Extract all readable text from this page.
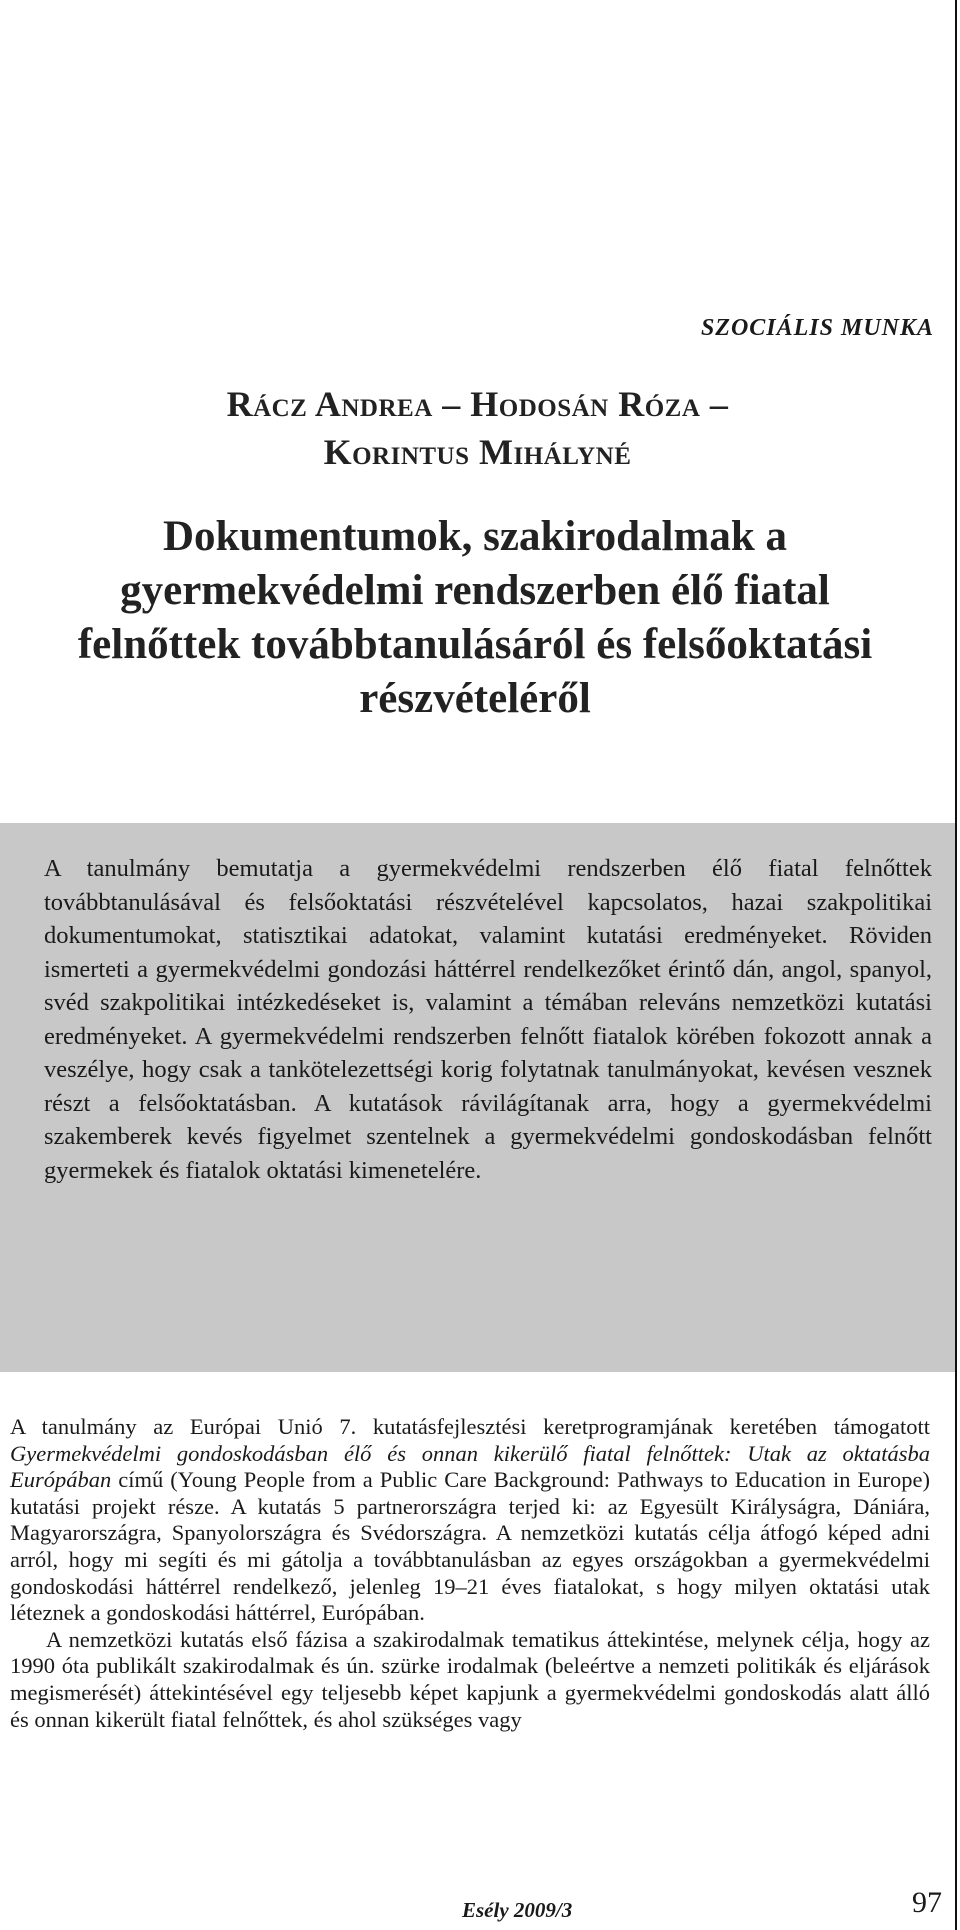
SZOCIÁLIS MUNKA
Rácz Andrea – Hodosán Róza –
Korintus Mihályné
Dokumentumok, szakirodalmak a gyermekvédelmi rendszerben élő fiatal felnőttek továbbtanulásáról és felsőoktatási részvételéről
A tanulmány bemutatja a gyermekvédelmi rendszerben élő fiatal felnőttek továbbtanulásával és felsőoktatási részvételével kapcsolatos, hazai szakpolitikai dokumentumokat, statisztikai adatokat, valamint kutatási eredményeket. Röviden ismerteti a gyermekvédelmi gondozási háttérrel rendelkezőket érintő dán, angol, spanyol, svéd szakpolitikai intézkedéseket is, valamint a témában releváns nemzetközi kutatási eredményeket. A gyermekvédelmi rendszerben felnőtt fiatalok körében fokozott annak a veszélye, hogy csak a tankötelezettségi korig folytatnak tanulmányokat, kevésen vesznek részt a felsőoktatásban. A kutatások rávilágítanak arra, hogy a gyermekvédelmi szakemberek kevés figyelmet szentelnek a gyermekvédelmi gondoskodásban felnőtt gyermekek és fiatalok oktatási kimenetelére.

A tanulmány az Európai Unió 7. kutatásfejlesztési keretprogramjának keretében támogatott Gyermekvédelmi gondoskodásban élő és onnan kikerülő fiatal felnőttek: Utak az oktatásba Európában című (Young People from a Public Care Background: Pathways to Education in Europe) kutatási projekt része. A kutatás 5 partnerországra terjed ki: az Egyesült Királyságra, Dániára, Magyarországra, Spanyolországra és Svédországra. A nemzetközi kutatás célja átfogó képed adni arról, hogy mi segíti és mi gátolja a továbbtanulásban az egyes országokban a gyermekvédelmi gondoskodási háttérrel rendelkező, jelenleg 19–21 éves fiatalokat, s hogy milyen oktatási utak léteznek a gondoskodási háttérrel, Európában.

A nemzetközi kutatás első fázisa a szakirodalmak tematikus áttekintése, melynek célja, hogy az 1990 óta publikált szakirodalmak és ún. szürke irodalmak (beleértve a nemzeti politikák és eljárások megismerését) áttekintésével egy teljesebb képet kapjunk a gyermekvédelmi gondoskodás alatt álló és onnan kikerült fiatal felnőttek, és ahol szükséges vagy

Esély 2009/3	97
